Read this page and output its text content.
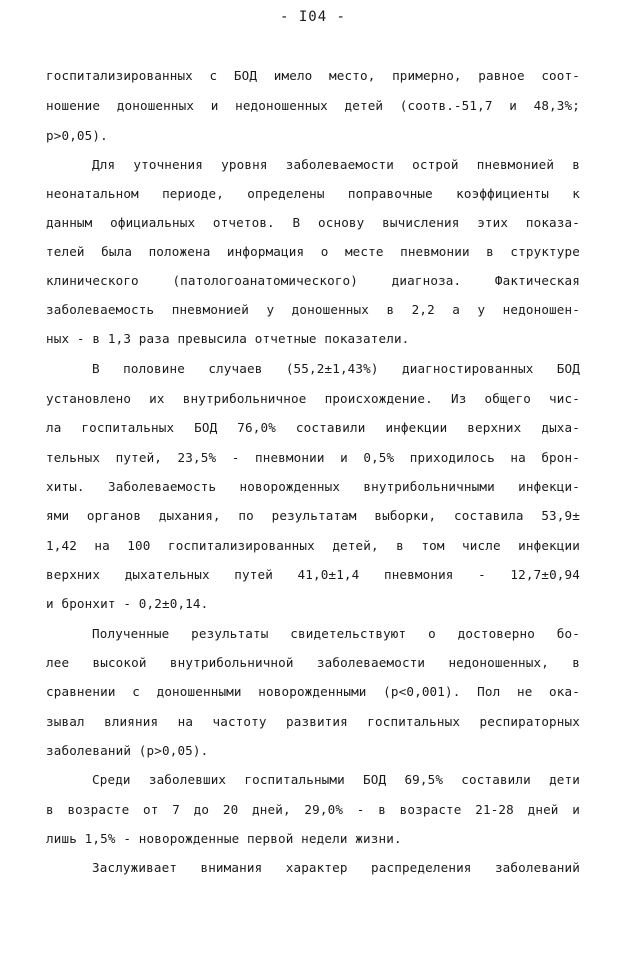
- I04 -
госпитализированных с БОД имело место, примерно, равное соот-
ношение доношенных и недоношенных детей (соотв.-51,7 и 48,3%;
р>0,05).
Для уточнения уровня заболеваемости острой пневмонией в
неонатальном периоде, определены поправочные коэффициенты к
данным официальных отчетов. В основу вычисления этих показа-
телей была положена информация о месте пневмонии в структуре
клинического (патологоанатомического) диагноза. Фактическая
заболеваемость пневмонией у доношенных в 2,2 а у недоношен-
ных - в 1,3 раза превысила отчетные показатели.
В половине случаев (55,2±1,43%) диагностированных БОД
установлено их внутрибольничное происхождение. Из общего чис-
ла госпитальных БОД 76,0% составили инфекции верхних дыха-
тельных путей, 23,5% - пневмонии и 0,5% приходилось на брон-
хиты. Заболеваемость новорожденных внутрибольничными инфекци-
ями органов дыхания, по результатам выборки, составила 53,9±
1,42 на 100 госпитализированных детей, в том числе инфекции
верхних дыхательных путей 41,0±1,4 пневмония - 12,7±0,94
и бронхит - 0,2±0,14.
Полученные результаты свидетельствуют о достоверно бо-
лее высокой внутрибольничной заболеваемости недоношенных, в
сравнении с доношенными новорожденными (р<0,001). Пол не ока-
зывал влияния на частоту развития госпитальных респираторных
заболеваний (р>0,05).
Среди заболевших госпитальными БОД 69,5% составили дети
в возрасте от 7 до 20 дней, 29,0% - в возрасте 21-28 дней и
лишь 1,5% - новорожденные первой недели жизни.
Заслуживает внимания характер распределения заболеваний
